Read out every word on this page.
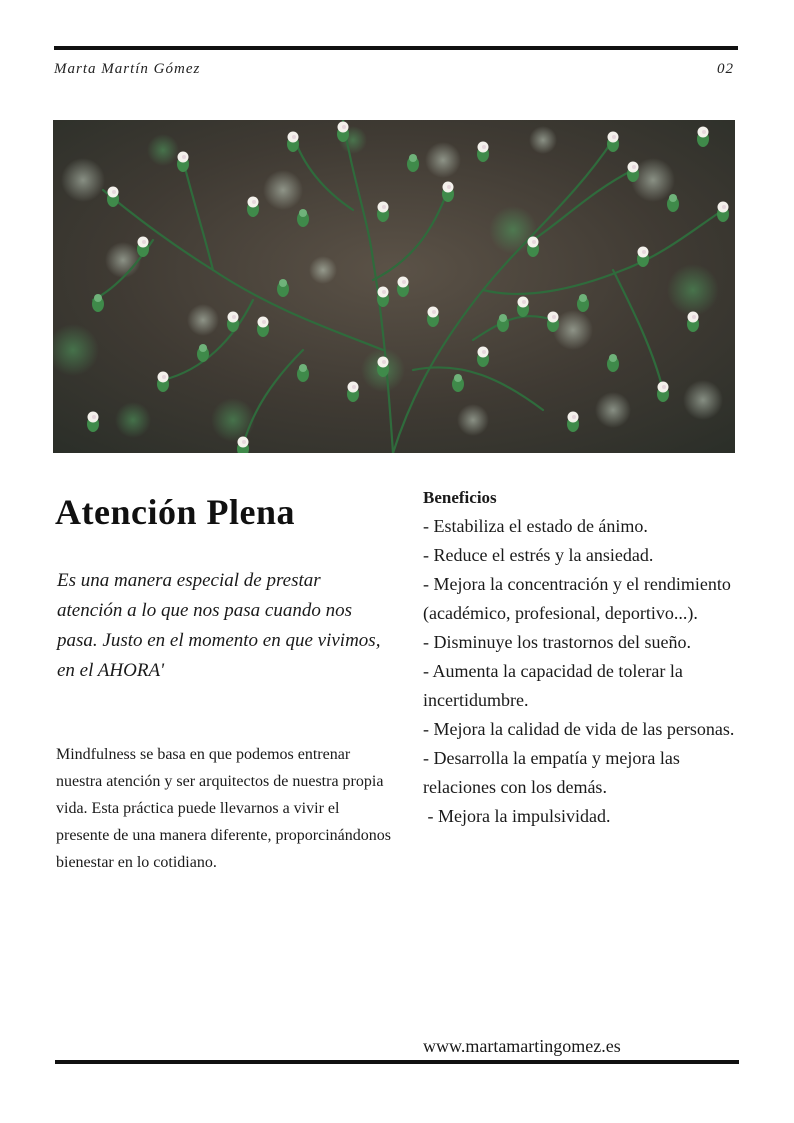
Marta Martín Gómez	02
Atención Plena

Es una manera especial de prestar atención a lo que nos pasa cuando nos pasa. Justo en el momento en que vivimos, en el AHORA'

Mindfulness se basa en que podemos entrenar nuestra atención y ser arquitectos de nuestra propia vida. Esta práctica puede llevarnos a vivir el presente de una manera diferente, proporcinándonos bienestar en lo cotidiano.

Beneficios
- Estabiliza el estado de ánimo.
- Reduce el estrés y la ansiedad.
- Mejora la concentración y el rendimiento (académico, profesional, deportivo...).
- Disminuye los trastornos del sueño.
- Aumenta la capacidad de tolerar la incertidumbre.
- Mejora la calidad de vida de las personas.
- Desarrolla la empatía y mejora las relaciones con los demás.
- Mejora la impulsividad.
www.martamartingomez.es
